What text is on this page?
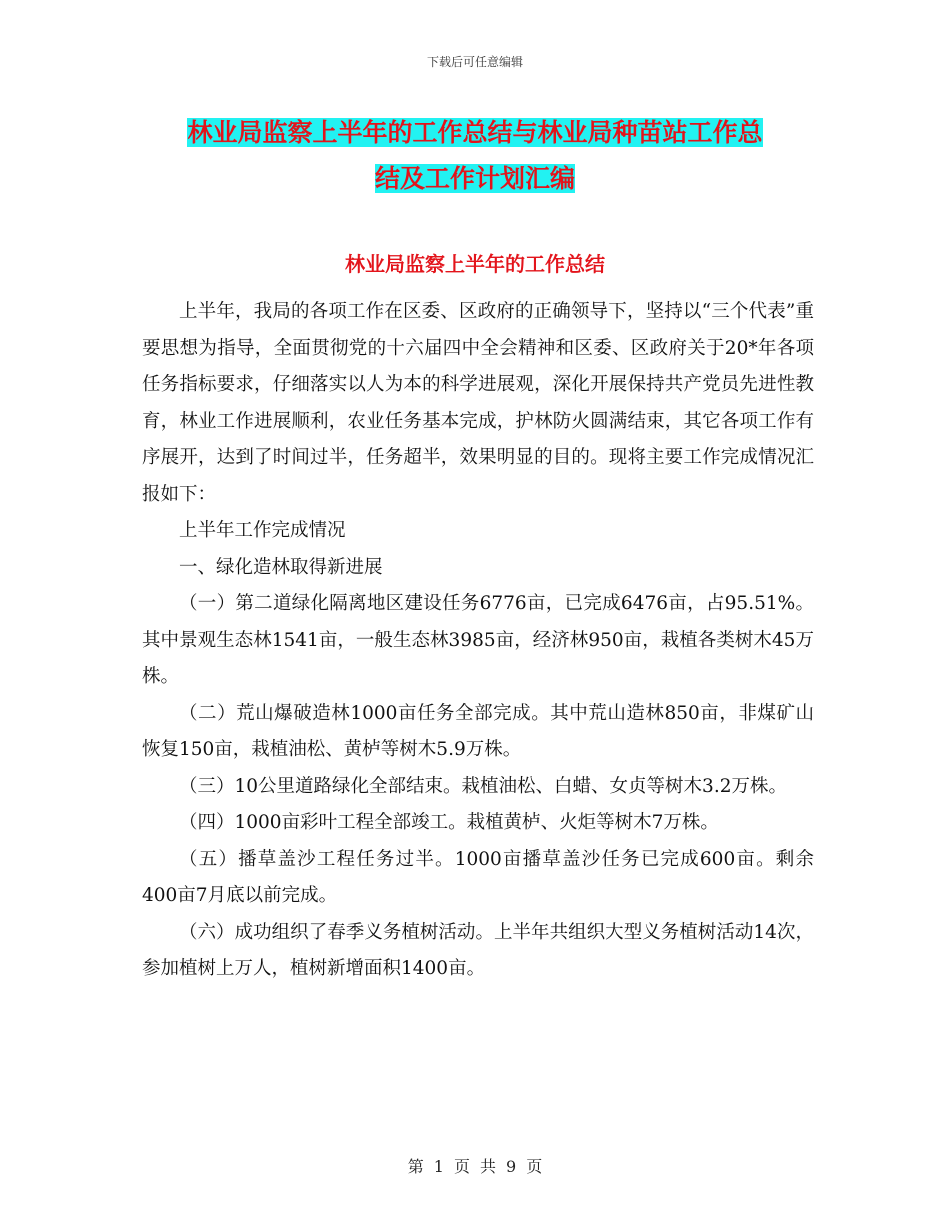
下载后可任意编辑
林业局监察上半年的工作总结与林业局种苗站工作总
结及工作计划汇编
林业局监察上半年的工作总结

上半年，我局的各项工作在区委、区政府的正确领导下，坚持以“三个代表”重要思想为指导，全面贯彻党的十六届四中全会精神和区委、区政府关于20*年各项任务指标要求，仔细落实以人为本的科学进展观，深化开展保持共产党员先进性教育，林业工作进展顺利，农业任务基本完成，护林防火圆满结束，其它各项工作有序展开，达到了时间过半，任务超半，效果明显的目的。现将主要工作完成情况汇报如下：

上半年工作完成情况

一、绿化造林取得新进展

（一）第二道绿化隔离地区建设任务6776亩，已完成6476亩，占95.51%。其中景观生态林1541亩，一般生态林3985亩，经济林950亩，栽植各类树木45万株。

（二）荒山爆破造林1000亩任务全部完成。其中荒山造林850亩，非煤矿山恢复150亩，栽植油松、黄栌等树木5.9万株。

（三）10公里道路绿化全部结束。栽植油松、白蜡、女贞等树木3.2万株。

（四）1000亩彩叶工程全部竣工。栽植黄栌、火炬等树木7万株。

（五）播草盖沙工程任务过半。1000亩播草盖沙任务已完成600亩。剩余400亩7月底以前完成。

（六）成功组织了春季义务植树活动。上半年共组织大型义务植树活动14次，参加植树上万人，植树新增面积1400亩。

第 1 页 共 9 页
